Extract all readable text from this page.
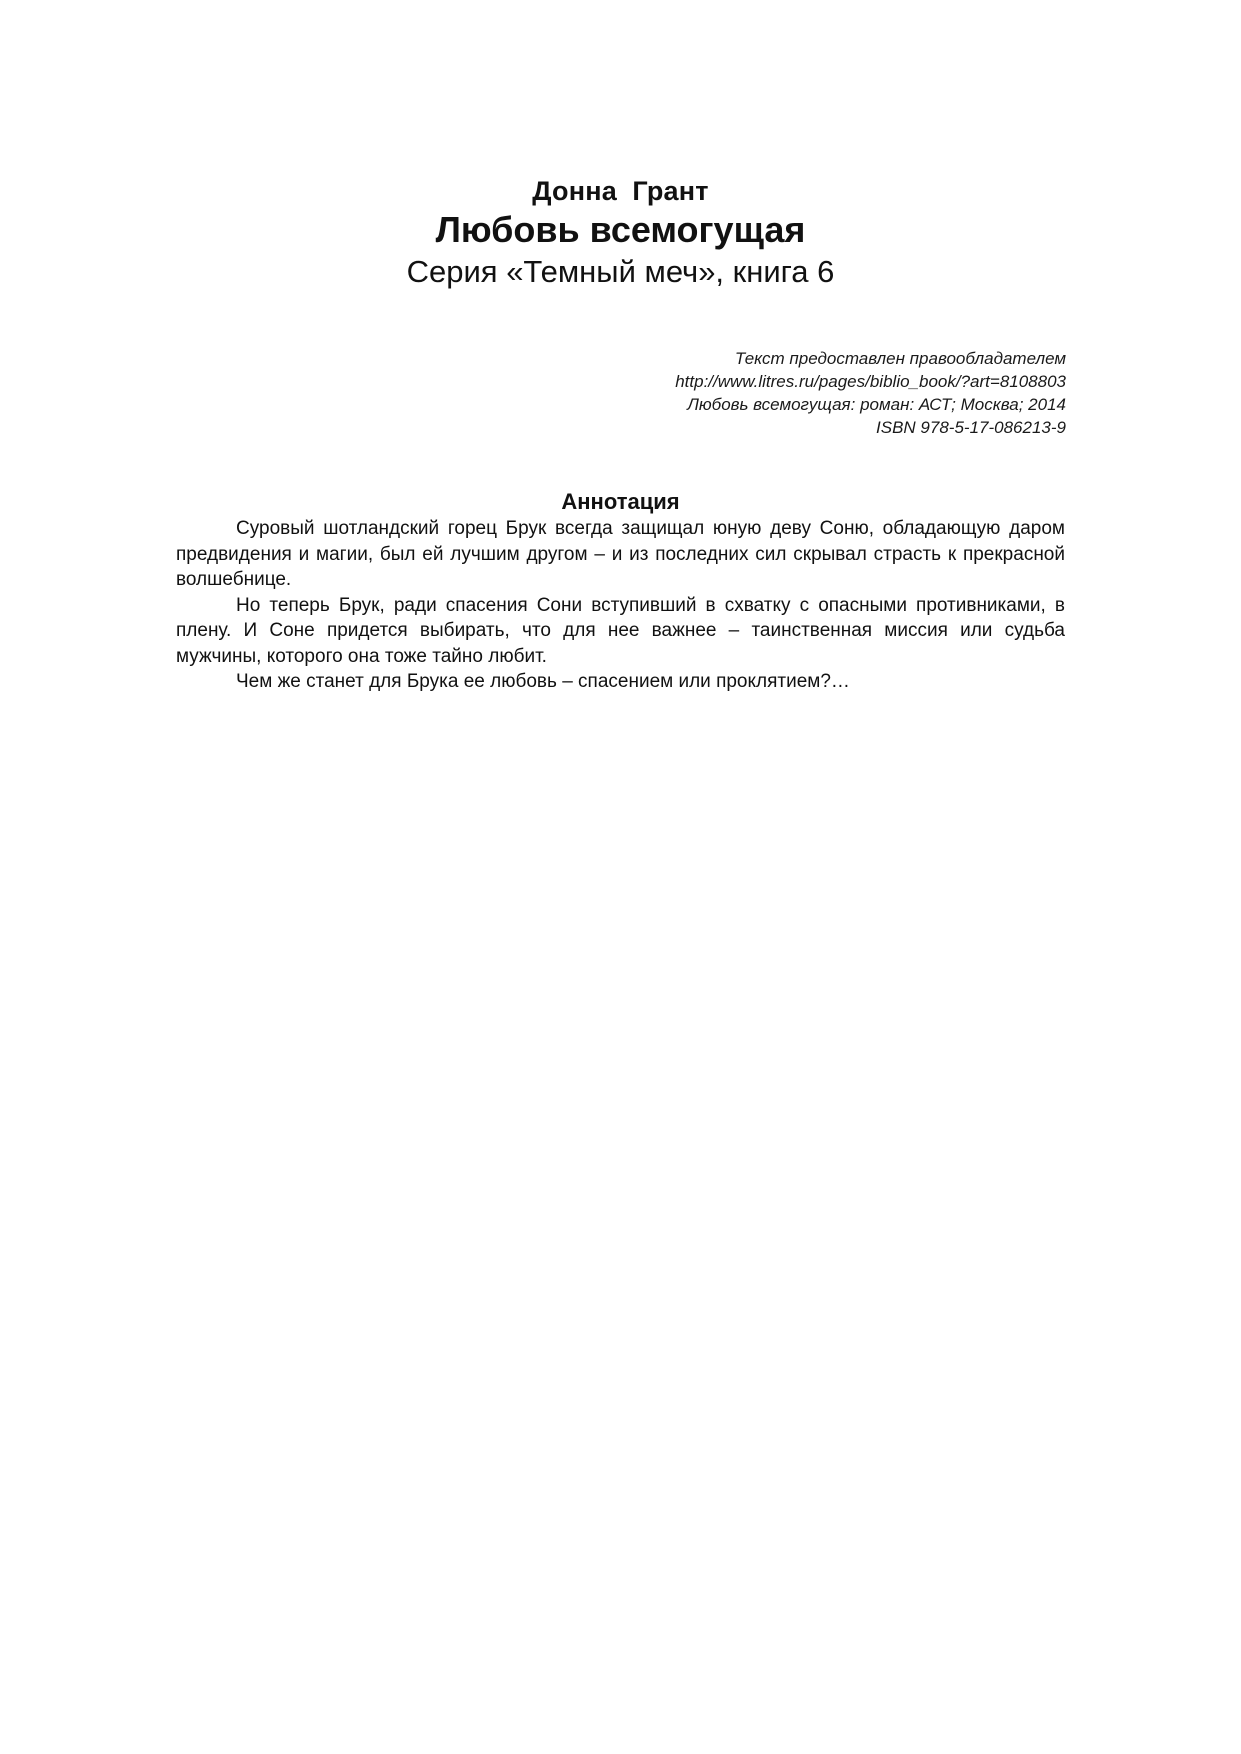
Донна  Грант
Любовь всемогущая
Серия «Темный меч», книга 6
Текст предоставлен правообладателем
http://www.litres.ru/pages/biblio_book/?art=8108803
Любовь всемогущая: роман: АСТ; Москва; 2014
ISBN 978-5-17-086213-9
Аннотация

Суровый шотландский горец Брук всегда защищал юную деву Соню, обладающую даром предвидения и магии, был ей лучшим другом – и из последних сил скрывал страсть к прекрасной волшебнице.

Но теперь Брук, ради спасения Сони вступивший в схватку с опасными противниками, в плену. И Соне придется выбирать, что для нее важнее – таинственная миссия или судьба мужчины, которого она тоже тайно любит.

Чем же станет для Брука ее любовь – спасением или проклятием?…
